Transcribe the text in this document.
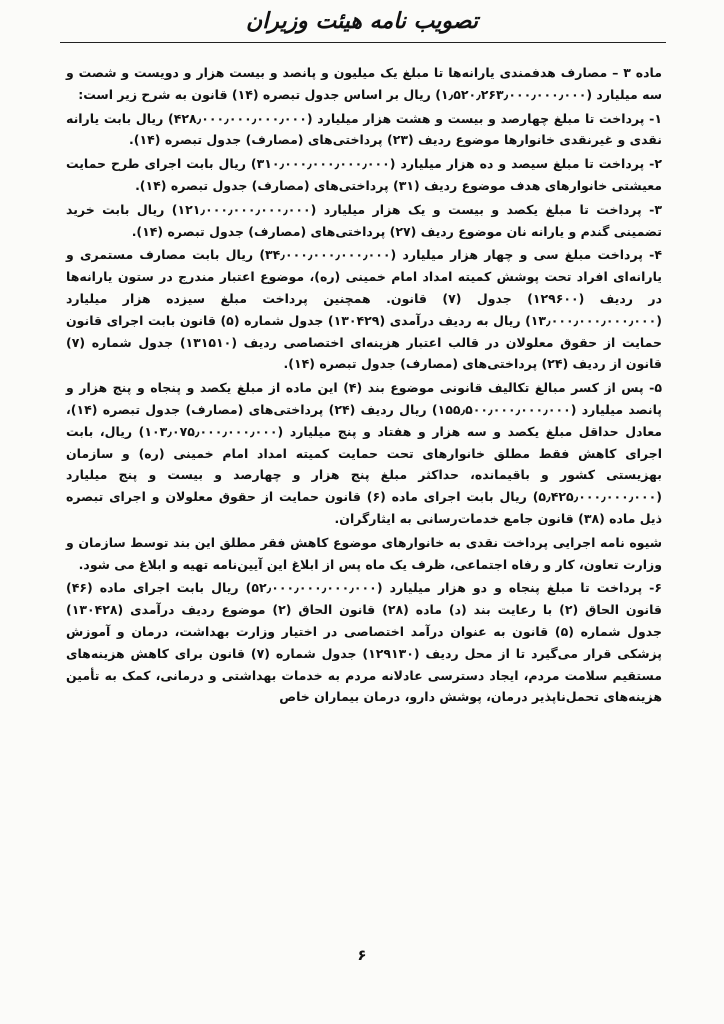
تصویب نامه هیئت وزیران

ماده ۳ – مصارف هدفمندی یارانه‌ها تا مبلغ یک میلیون و پانصد و بیست هزار و دویست و شصت و سه میلیارد (۱٫۵۲۰٫۲۶۳٫۰۰۰٫۰۰۰٫۰۰۰) ریال بر اساس جدول تبصره (۱۴) قانون به شرح زیر است:

۱- پرداخت تا مبلغ چهارصد و بیست و هشت هزار میلیارد (۴۲۸٫۰۰۰٫۰۰۰٫۰۰۰٫۰۰۰) ریال بابت یارانه نقدی و غیرنقدی خانوارها موضوع ردیف (۲۳) پرداختی‌های (مصارف) جدول تبصره (۱۴).

۲- پرداخت تا مبلغ سیصد و ده هزار میلیارد (۳۱۰٫۰۰۰٫۰۰۰٫۰۰۰٫۰۰۰) ریال بابت اجرای طرح حمایت معیشتی خانوارهای هدف موضوع ردیف (۳۱) پرداختی‌های (مصارف) جدول تبصره (۱۴).

۳- پرداخت تا مبلغ یکصد و بیست و یک هزار میلیارد (۱۲۱٫۰۰۰٫۰۰۰٫۰۰۰٫۰۰۰) ریال بابت خرید تضمینی گندم و یارانه نان موضوع ردیف (۲۷) پرداختی‌های (مصارف) جدول تبصره (۱۴).

۴- پرداخت مبلغ سی و چهار هزار میلیارد (۳۴٫۰۰۰٫۰۰۰٫۰۰۰٫۰۰۰) ریال بابت مصارف مستمری و یارانه‌ای افراد تحت پوشش کمیته امداد امام خمینی (ره)، موضوع اعتبار مندرج در ستون یارانه‌ها در ردیف (۱۲۹۶۰۰) جدول (۷) قانون. همچنین پرداخت مبلغ سیزده هزار میلیارد (۱۳٫۰۰۰٫۰۰۰٫۰۰۰٫۰۰۰) ریال به ردیف درآمدی (۱۳۰۴۲۹) جدول شماره (۵) قانون بابت اجرای قانون حمایت از حقوق معلولان در قالب اعتبار هزینه‌ای اختصاصی ردیف (۱۳۱۵۱۰) جدول شماره (۷) قانون از ردیف (۲۴) پرداختی‌های (مصارف) جدول تبصره (۱۴).

۵- پس از کسر مبالغ تکالیف قانونی موضوع بند (۴) این ماده از مبلغ یکصد و پنجاه و پنج هزار و پانصد میلیارد (۱۵۵٫۵۰۰٫۰۰۰٫۰۰۰٫۰۰۰) ریال ردیف (۲۴) پرداختی‌های (مصارف) جدول تبصره (۱۴)، معادل حداقل مبلغ یکصد و سه هزار و هفتاد و پنج میلیارد (۱۰۳٫۰۷۵٫۰۰۰٫۰۰۰٫۰۰۰) ریال، بابت اجرای کاهش فقط مطلق خانوارهای تحت حمایت کمیته امداد امام خمینی (ره) و سازمان بهزیستی کشور و باقیمانده، حداکثر مبلغ پنج هزار و چهارصد و بیست و پنج میلیارد (۵٫۴۲۵٫۰۰۰٫۰۰۰٫۰۰۰) ریال بابت اجرای ماده (۶) قانون حمایت از حقوق معلولان و اجرای تبصره ذیل ماده (۳۸) قانون جامع خدمات‌رسانی به ایثارگران.

شیوه نامه اجرایی پرداخت نقدی به خانوارهای موضوع کاهش فقر مطلق این بند توسط سازمان و وزارت تعاون، کار و رفاه اجتماعی، ظرف یک ماه پس از ابلاغ این آیین‌نامه تهیه و ابلاغ می شود.

۶- پرداخت تا مبلغ پنجاه و دو هزار میلیارد (۵۲٫۰۰۰٫۰۰۰٫۰۰۰٫۰۰۰) ریال بابت اجرای ماده (۴۶) قانون الحاق (۲) با رعایت بند (د) ماده (۲۸) قانون الحاق (۲) موضوع ردیف درآمدی (۱۳۰۴۲۸) جدول شماره (۵) قانون به عنوان درآمد اختصاصی در اختیار وزارت بهداشت، درمان و آموزش پزشکی قرار می‌گیرد تا از محل ردیف (۱۲۹۱۳۰) جدول شماره (۷) قانون برای کاهش هزینه‌های مستقیم سلامت مردم، ایجاد دسترسی عادلانه مردم به خدمات بهداشتی و درمانی، کمک به تأمین هزینه‌های تحمل‌ناپذیر درمان، پوشش دارو، درمان بیماران خاص

۶
